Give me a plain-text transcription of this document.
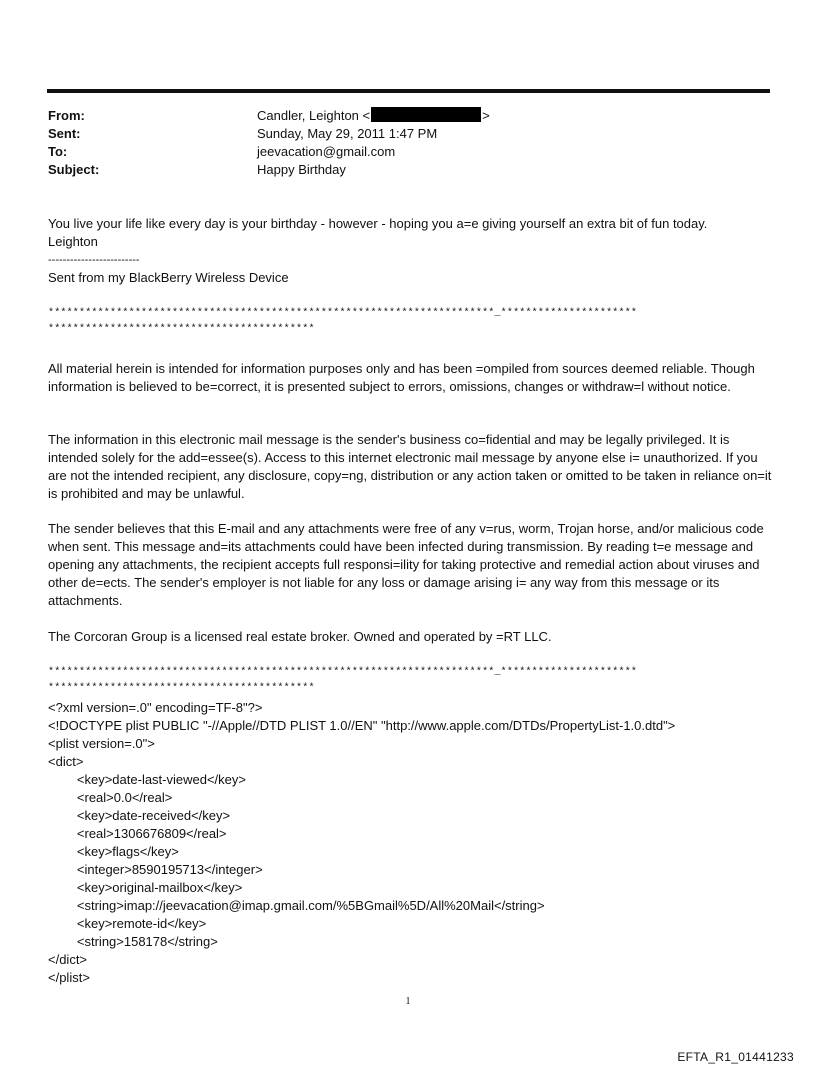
From:	Candler, Leighton <	>
Sent:	Sunday, May 29, 2011 1:47 PM
To:	jeevacation@gmail.com
Subject:	Happy Birthday
You live your life like every day is your birthday - however - hoping you a=e giving yourself an extra bit of fun today.
Leighton
-------------------------
Sent from my BlackBerry Wireless Device
************************************************************************_**********************
*******************************************
All material herein is intended for information purposes only and has been =ompiled from sources deemed reliable. Though information is believed to be=correct, it is presented subject to errors, omissions, changes or withdraw=l without notice.
The information in this electronic mail message is the sender's business co=fidential and may be legally privileged. It is intended solely for the add=essee(s). Access to this internet electronic mail message by anyone else i= unauthorized. If you are not the intended recipient, any disclosure, copy=ng, distribution or any action taken or omitted to be taken in reliance on=it is prohibited and may be unlawful.
The sender believes that this E-mail and any attachments were free of any v=rus, worm, Trojan horse, and/or malicious code when sent. This message and=its attachments could have been infected during transmission. By reading t=e message and opening any attachments, the recipient accepts full responsi=ility for taking protective and remedial action about viruses and other de=ects. The sender's employer is not liable for any loss or damage arising i= any way from this message or its attachments.
The Corcoran Group is a licensed real estate broker. Owned and operated by =RT LLC.
************************************************************************_**********************
*******************************************
<?xml version=.0" encoding=TF-8"?>
<!DOCTYPE plist PUBLIC "-//Apple//DTD PLIST 1.0//EN" "http://www.apple.com/DTDs/PropertyList-1.0.dtd">
<plist version=.0">
<dict>
<key>date-last-viewed</key>
<real>0.0</real>
<key>date-received</key>
<real>1306676809</real>
<key>flags</key>
<integer>8590195713</integer>
<key>original-mailbox</key>
<string>imap://jeevacation@imap.gmail.com/%5BGmail%5D/All%20Mail</string>
<key>remote-id</key>
<string>158178</string>
</dict>
</plist>
1
EFTA_R1_01441233
